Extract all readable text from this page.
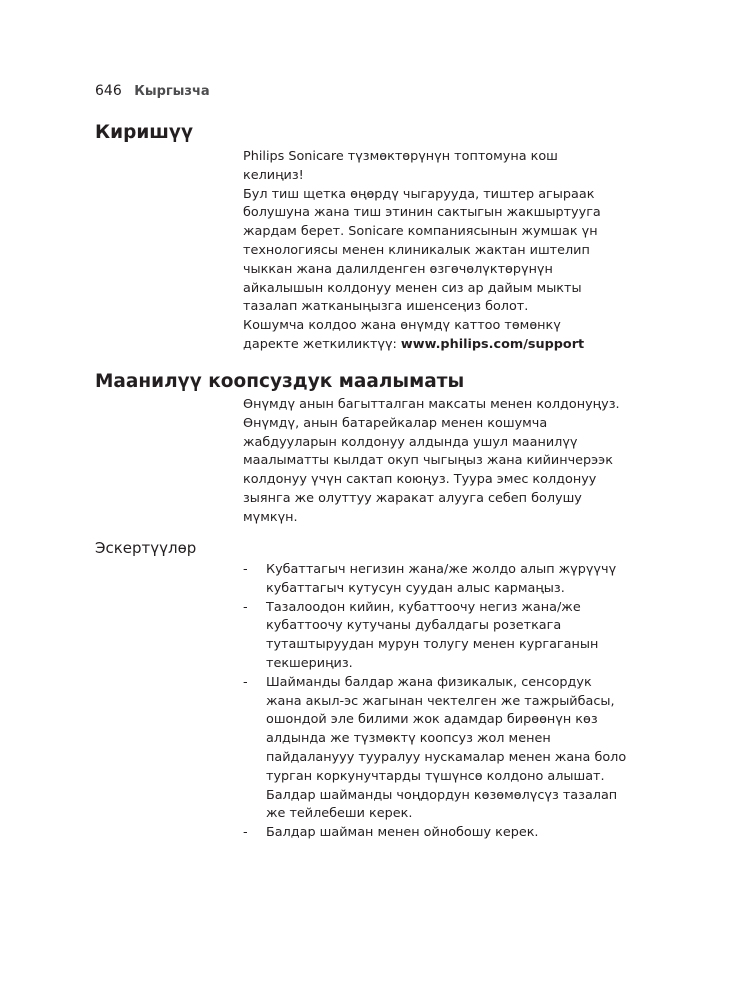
646 Кыргызча
Киришүү

Philips Sonicare түзмөктөрүнүн топтомуна кош

келиңиз!

Бул тиш щетка өңөрдү чыгарууда, тиштер агыраак

болушуна жана тиш этинин сактыгын жакшыртууга

жардам берет. Sonicare компаниясынын жумшак үн

технологиясы менен клиникалык жактан иштелип

чыккан жана далилденген өзгөчөлүктөрүнүн

айкалышын колдонуу менен сиз ар дайым мыкты

тазалап жатканыңызга ишенсеңиз болот.

Кошумча колдоо жана өнүмдү каттоо төмөнкү

даректе жеткиликтүү: www.philips.com/support

Маанилүү коопсуздук маалыматы

Өнүмдү анын багытталган максаты менен колдонуңуз.

Өнүмдү, анын батарейкалар менен кошумча

жабдууларын колдонуу алдында ушул маанилүү

маалыматты кылдат окуп чыгыңыз жана кийинчерээк

колдонуу үчүн сактап коюңуз. Туура эмес колдонуу

зыянга же олуттуу жаракат алууга себеп болушу

мүмкүн.

Эскертүүлөр
- Кубаттагыч негизин жана/же жолдо алып жүрүүчү
кубаттагыч кутусун суудан алыс кармаңыз.
- Тазалоодон кийин, кубаттоочу негиз жана/же
кубаттоочу кутучаны дубалдагы розеткага
туташтыруудан мурун толугу менен кургаганын
текшериңиз.
- Шайманды балдар жана физикалык, сенсордук
жана акыл-эс жагынан чектелген же тажрыйбасы,
ошондой эле билими жок адамдар бирөөнүн көз
алдында же түзмөктү коопсуз жол менен
пайдаланууу тууралуу нускамалар менен жана боло
турган коркунучтарды түшүнсө колдоно алышат.
Балдар шайманды чоңдордун көзөмөлүсүз тазалап
же тейлебеши керек.
- Балдар шайман менен ойнобошу керек.
